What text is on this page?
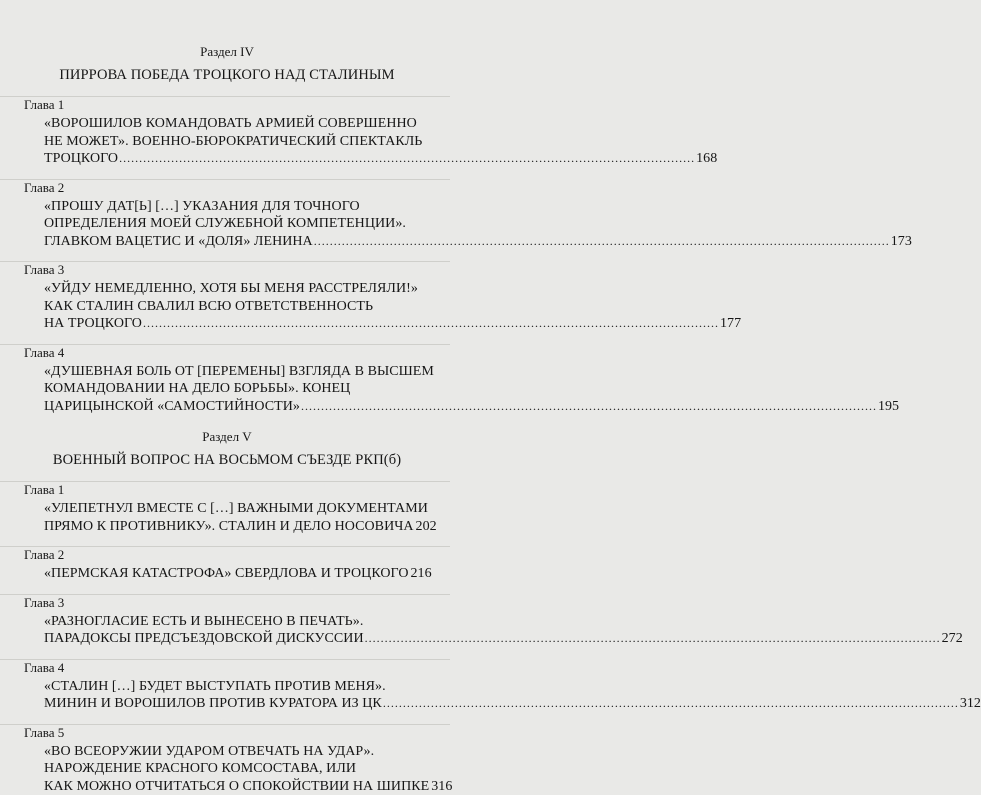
Раздел IV
ПИРРОВА ПОБЕДА ТРОЦКОГО НАД СТАЛИНЫМ
Глава 1
«ВОРОШИЛОВ КОМАНДОВАТЬ АРМИЕЙ СОВЕРШЕННО
НЕ МОЖЕТ». ВОЕННО-БЮРОКРАТИЧЕСКИЙ СПЕКТАКЛЬ
ТРОЦКОГО .....	168
Глава 2
«ПРОШУ ДАТ[Ь] […] УКАЗАНИЯ ДЛЯ ТОЧНОГО
ОПРЕДЕЛЕНИЯ МОЕЙ СЛУЖЕБНОЙ КОМПЕТЕНЦИИ».
ГЛАВКОМ ВАЦЕТИС И «ДОЛЯ» ЛЕНИНА .....	173
Глава 3
«УЙДУ НЕМЕДЛЕННО, ХОТЯ БЫ МЕНЯ РАССТРЕЛЯЛИ!»
КАК СТАЛИН СВАЛИЛ ВСЮ ОТВЕТСТВЕННОСТЬ
НА ТРОЦКОГО .....	177
Глава 4
«ДУШЕВНАЯ БОЛЬ ОТ [ПЕРЕМЕНЫ] ВЗГЛЯДА В ВЫСШЕМ
КОМАНДОВАНИИ НА ДЕЛО БОРЬБЫ». КОНЕЦ
ЦАРИЦЫНСКОЙ «САМОСТИЙНОСТИ» .....	195
Раздел V
ВОЕННЫЙ ВОПРОС НА ВОСЬМОМ СЪЕЗДЕ РКП(б)
Глава 1
«УЛЕПЕТНУЛ ВМЕСТЕ С […] ВАЖНЫМИ ДОКУМЕНТАМИ
ПРЯМО К ПРОТИВНИКУ». СТАЛИН И ДЕЛО НОСОВИЧА 202
Глава 2
«ПЕРМСКАЯ КАТАСТРОФА» СВЕРДЛОВА И ТРОЦКОГО 216
Глава 3
«РАЗНОГЛАСИЕ ЕСТЬ И ВЫНЕСЕНО В ПЕЧАТЬ».
ПАРАДОКСЫ ПРЕДСЪЕЗДОВСКОЙ ДИСКУССИИ .....	272
Глава 4
«СТАЛИН […] БУДЕТ ВЫСТУПАТЬ ПРОТИВ МЕНЯ».
МИНИН И ВОРОШИЛОВ ПРОТИВ КУРАТОРА ИЗ ЦК .....	312
Глава 5
«ВО ВСЕОРУЖИИ УДАРОМ ОТВЕЧАТЬ НА УДАР».
НАРОЖДЕНИЕ КРАСНОГО КОМСОСТАВА, ИЛИ
КАК МОЖНО ОТЧИТАТЬСЯ О СПОКОЙСТВИИ НА ШИПКЕ 316
